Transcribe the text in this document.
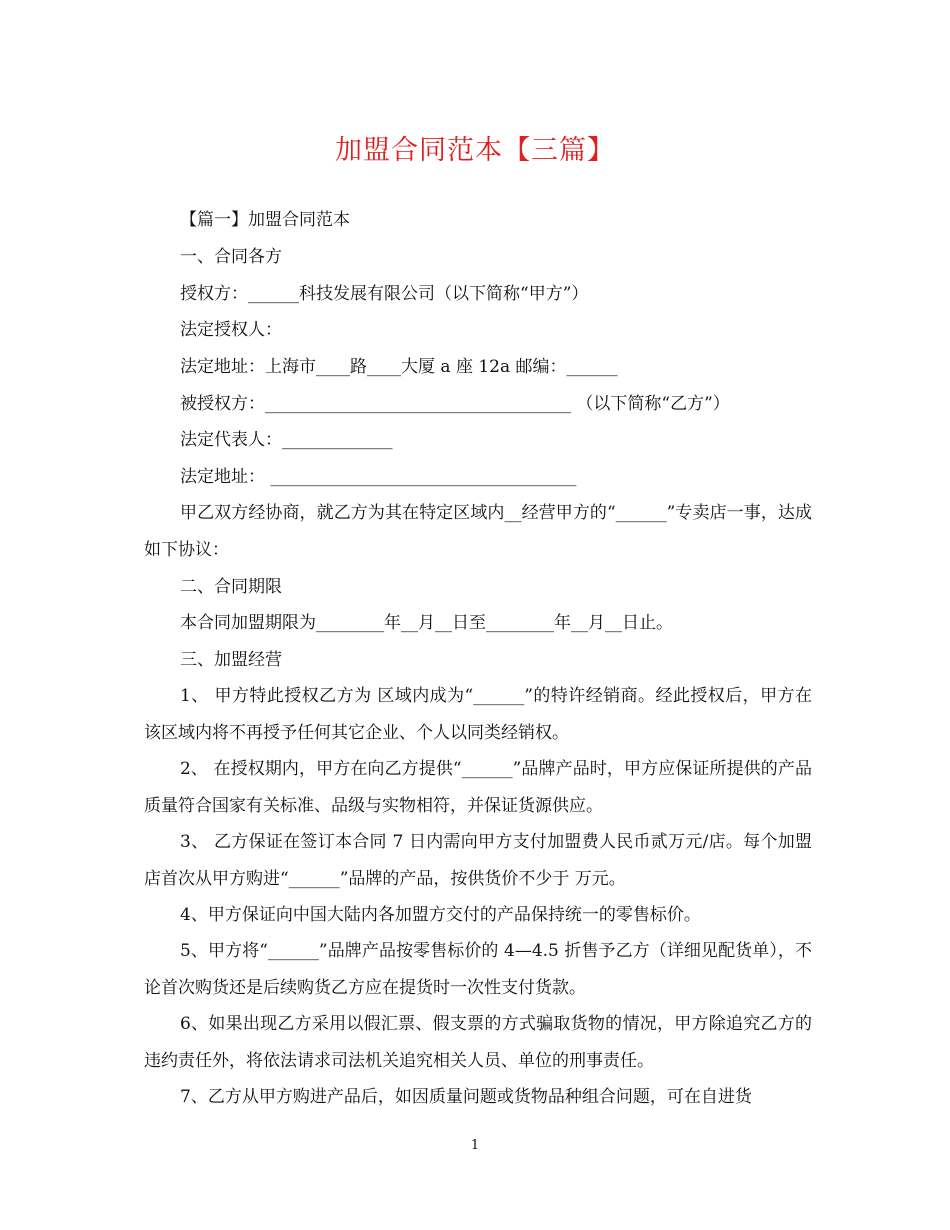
加盟合同范本【三篇】
【篇一】加盟合同范本
一、合同各方
授权方：______科技发展有限公司（以下简称“甲方”）
法定授权人：
法定地址：上海市____路____大厦 a 座 12a 邮编：______
被授权方：____________________________________ （以下简称“乙方”）
法定代表人：_____________
法定地址： ____________________________________
甲乙双方经协商，就乙方为其在特定区域内__经营甲方的“______”专卖店一事，达成如下协议：
二、合同期限
本合同加盟期限为________年__月__日至________年__月__日止。
三、加盟经营
1、 甲方特此授权乙方为 区域内成为“______”的特许经销商。经此授权后，甲方在该区域内将不再授予任何其它企业、个人以同类经销权。
2、 在授权期内，甲方在向乙方提供“______”品牌产品时，甲方应保证所提供的产品质量符合国家有关标准、品级与实物相符，并保证货源供应。
3、 乙方保证在签订本合同 7 日内需向甲方支付加盟费人民币贰万元/店。每个加盟店首次从甲方购进“______”品牌的产品，按供货价不少于 万元。
4、甲方保证向中国大陆内各加盟方交付的产品保持统一的零售标价。
5、甲方将“______”品牌产品按零售标价的 4—4.5 折售予乙方（详细见配货单），不论首次购货还是后续购货乙方应在提货时一次性支付货款。
6、如果出现乙方采用以假汇票、假支票的方式骗取货物的情况，甲方除追究乙方的违约责任外，将依法请求司法机关追究相关人员、单位的刑事责任。
7、乙方从甲方购进产品后，如因质量问题或货物品种组合问题，可在自进货
1
